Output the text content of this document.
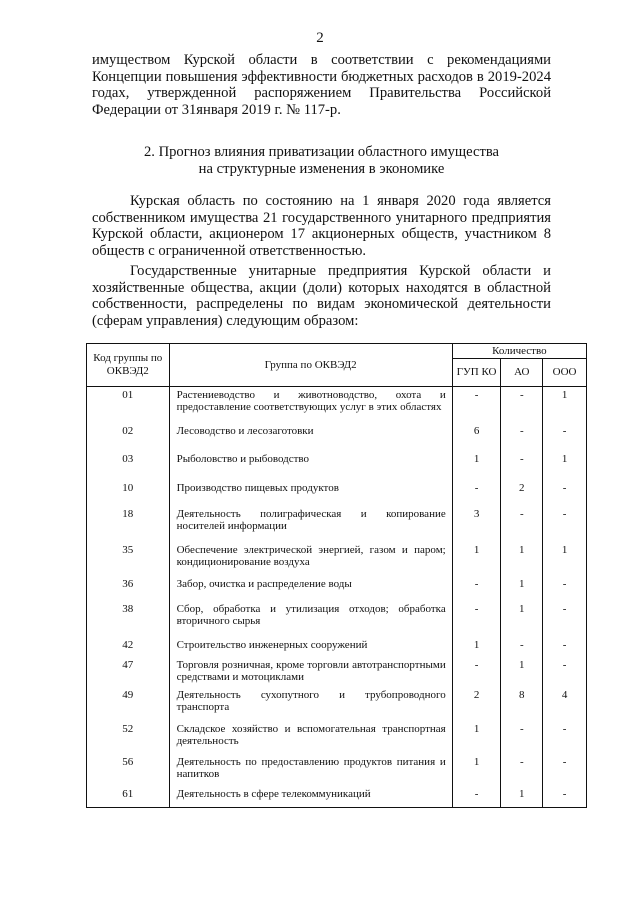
2

имуществом Курской области в соответствии с рекомендациями Концепции повышения эффективности бюджетных расходов в 2019-2024 годах, утвержденной распоряжением Правительства Российской Федерации от 31января 2019 г. № 117-р.

2. Прогноз влияния приватизации областного имущества
на структурные изменения в экономике

Курская область по состоянию на 1 января 2020 года является собственником имущества 21 государственного унитарного предприятия Курской области, акционером 17 акционерных обществ, участником 8 обществ с ограниченной ответственностью.

Государственные унитарные предприятия Курской области и хозяйственные общества, акции (доли) которых находятся в областной собственности, распределены по видам экономической деятельности (сферам управления) следующим образом:

Код группы по ОКВЭД2	Группа по ОКВЭД2	Количество		
		ГУП КО	АО	ООО
01	Растениеводство и животноводство, охота и предоставление соответствующих услуг в этих областях	-	-	1
02	Лесоводство и лесозаготовки	6	-	-
03	Рыболовство и рыбоводство	1	-	1
10	Производство пищевых продуктов	-	2	-
18	Деятельность полиграфическая и копирование носителей информации	3	-	-
35	Обеспечение электрической энергией, газом и паром; кондиционирование воздуха	1	1	1
36	Забор, очистка и распределение воды	-	1	-
38	Сбор, обработка и утилизация отходов; обработка вторичного сырья	-	1	-
42	Строительство инженерных сооружений	1	-	-
47	Торговля розничная, кроме торговли автотранспортными средствами и мотоциклами	-	1	-
49	Деятельность сухопутного и трубопроводного транспорта	2	8	4
52	Складское хозяйство и вспомогательная транспортная деятельность	1	-	-
56	Деятельность по предоставлению продуктов питания и напитков	1	-	-
61	Деятельность в сфере телекоммуникаций	-	1	-
